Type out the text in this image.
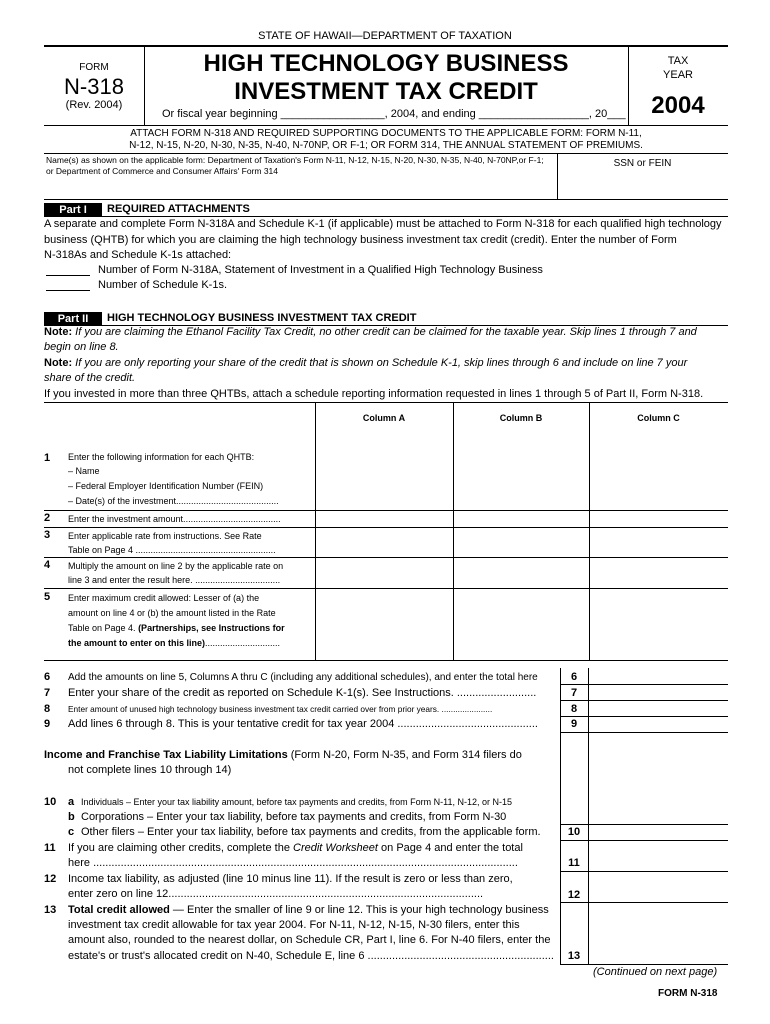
STATE OF HAWAII—DEPARTMENT OF TAXATION
FORM
N-318
(Rev. 2004)
HIGH TECHNOLOGY BUSINESS
INVESTMENT TAX CREDIT
Or fiscal year beginning _________________, 2004, and ending __________________, 20___
TAX
YEAR
2004
ATTACH FORM N-318 AND REQUIRED SUPPORTING DOCUMENTS TO THE APPLICABLE FORM: FORM N-11,
N-12, N-15, N-20, N-30, N-35, N-40, N-70NP, OR F-1; OR FORM 314, THE ANNUAL STATEMENT OF PREMIUMS.
Name(s) as shown on the applicable form: Department of Taxation's Form N-11, N-12, N-15, N-20, N-30, N-35, N-40, N-70NP,or F-1;
or Department of Commerce and Consumer Affairs' Form 314
SSN or FEIN
Part I	REQUIRED ATTACHMENTS
A separate and complete Form N-318A and Schedule K-1 (if applicable) must be attached to Form N-318 for each qualified high technology
business (QHTB) for which you are claiming the high technology business investment tax credit (credit). Enter the number of Form
N-318As and Schedule K-1s attached:
Number of Form N-318A, Statement of Investment in a Qualified High Technology Business
Number of Schedule K-1s.
Part II	HIGH TECHNOLOGY BUSINESS INVESTMENT TAX CREDIT
Note: If you are claiming the Ethanol Facility Tax Credit, no other credit can be claimed for the taxable year. Skip lines 1 through 7 and
begin on line 8.
Note: If you are only reporting your share of the credit that is shown on Schedule K-1, skip lines through 6 and include on line 7 your
share of the credit.
If you invested in more than three QHTBs, attach a schedule reporting information requested in lines 1 through 5 of Part II, Form N-318.
Column A	Column B	Column C
1 Enter the following information for each QHTB:
– Name
– Federal Employer Identification Number (FEIN)
– Date(s) of the investment.........................................
2 Enter the investment amount.......................................
3 Enter applicable rate from instructions. See Rate
Table on Page 4 ........................................................
4 Multiply the amount on line 2 by the applicable rate on
line 3 and enter the result here. ..................................
5 Enter maximum credit allowed: Lesser of (a) the
amount on line 4 or (b) the amount listed in the Rate
Table on Page 4. (Partnerships, see Instructions for
the amount to enter on this line)..............................
6 Add the amounts on line 5, Columns A thru C (including any additional schedules), and enter the total here	6
7 Enter your share of the credit as reported on Schedule K-1(s). See Instructions. ..........................	7
8 Enter amount of unused high technology business investment tax credit carried over from prior years. ......................	8
9 Add lines 6 through 8. This is your tentative credit for tax year 2004 ..............................................	9
Income and Franchise Tax Liability Limitations (Form N-20, Form N-35, and Form 314 filers do
not complete lines 10 through 14)
10 a Individuals – Enter your tax liability amount, before tax payments and credits, from Form N-11, N-12, or N-15
b Corporations – Enter your tax liability, before tax payments and credits, from Form N-30
c Other filers – Enter your tax liability, before tax payments and credits, from the applicable form.	10
11 If you are claiming other credits, complete the Credit Worksheet on Page 4 and enter the total
here ...........................................................................................................................................	11
12 Income tax liability, as adjusted (line 10 minus line 11). If the result is zero or less than zero,
enter zero on line 12.......................................................................................................	12
13 Total credit allowed — Enter the smaller of line 9 or line 12. This is your high technology business
investment tax credit allowable for tax year 2004. For N-11, N-12, N-15, N-30 filers, enter this
amount also, rounded to the nearest dollar, on Schedule CR, Part I, line 6. For N-40 filers, enter the
estate's or trust's allocated credit on N-40, Schedule E, line 6 .............................................................	13
(Continued on next page)
FORM N-318
